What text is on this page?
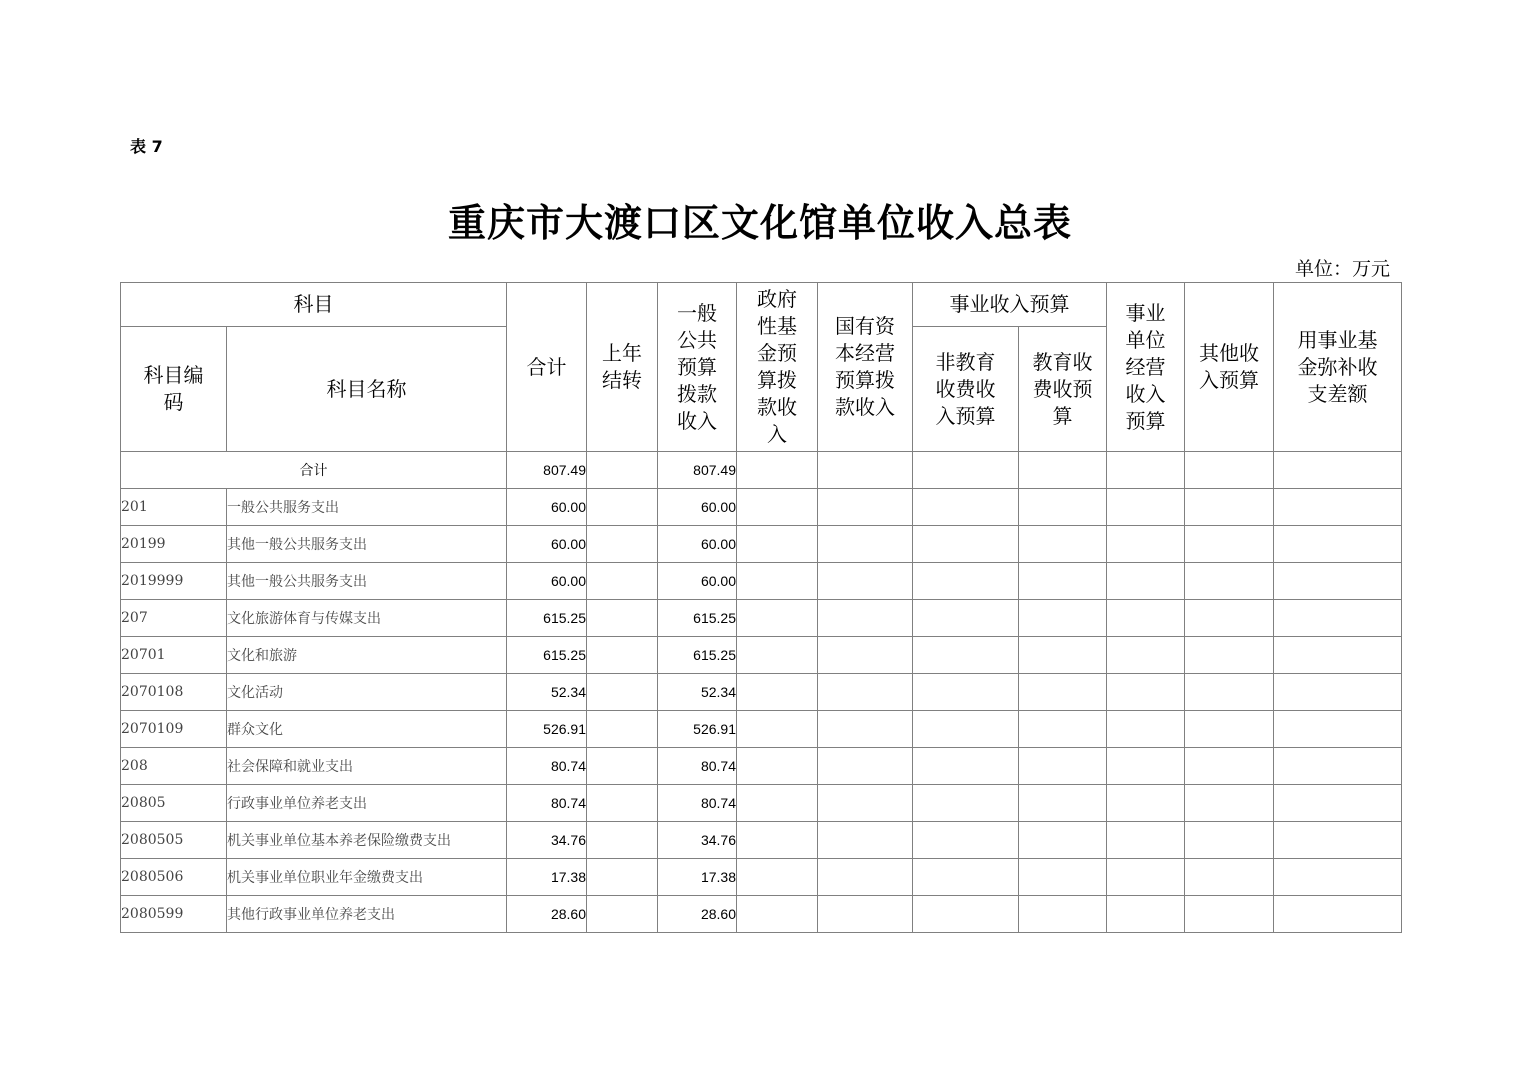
表 7
重庆市大渡口区文化馆单位收入总表
单位：万元
科目		合计	上年结转	一般公共预算拨款收入	政府性基金预算拨款收入	国有资本经营预算拨款收入	事业收入预算		事业单位经营收入预算	其他收入预算	用事业基金弥补收支差额

科目编码	科目名称						非教育收费收入预算	教育收费收预算			

合计		807.49		807.49							
201	一般公共服务支出	60.00		60.00							
20199	其他一般公共服务支出	60.00		60.00							
2019999	其他一般公共服务支出	60.00		60.00							
207	文化旅游体育与传媒支出	615.25		615.25							
20701	文化和旅游	615.25		615.25							
2070108	文化活动	52.34		52.34							
2070109	群众文化	526.91		526.91							
208	社会保障和就业支出	80.74		80.74							
20805	行政事业单位养老支出	80.74		80.74							
2080505	机关事业单位基本养老保险缴费支出	34.76		34.76							
2080506	机关事业单位职业年金缴费支出	17.38		17.38							
2080599	其他行政事业单位养老支出	28.60		28.60							
